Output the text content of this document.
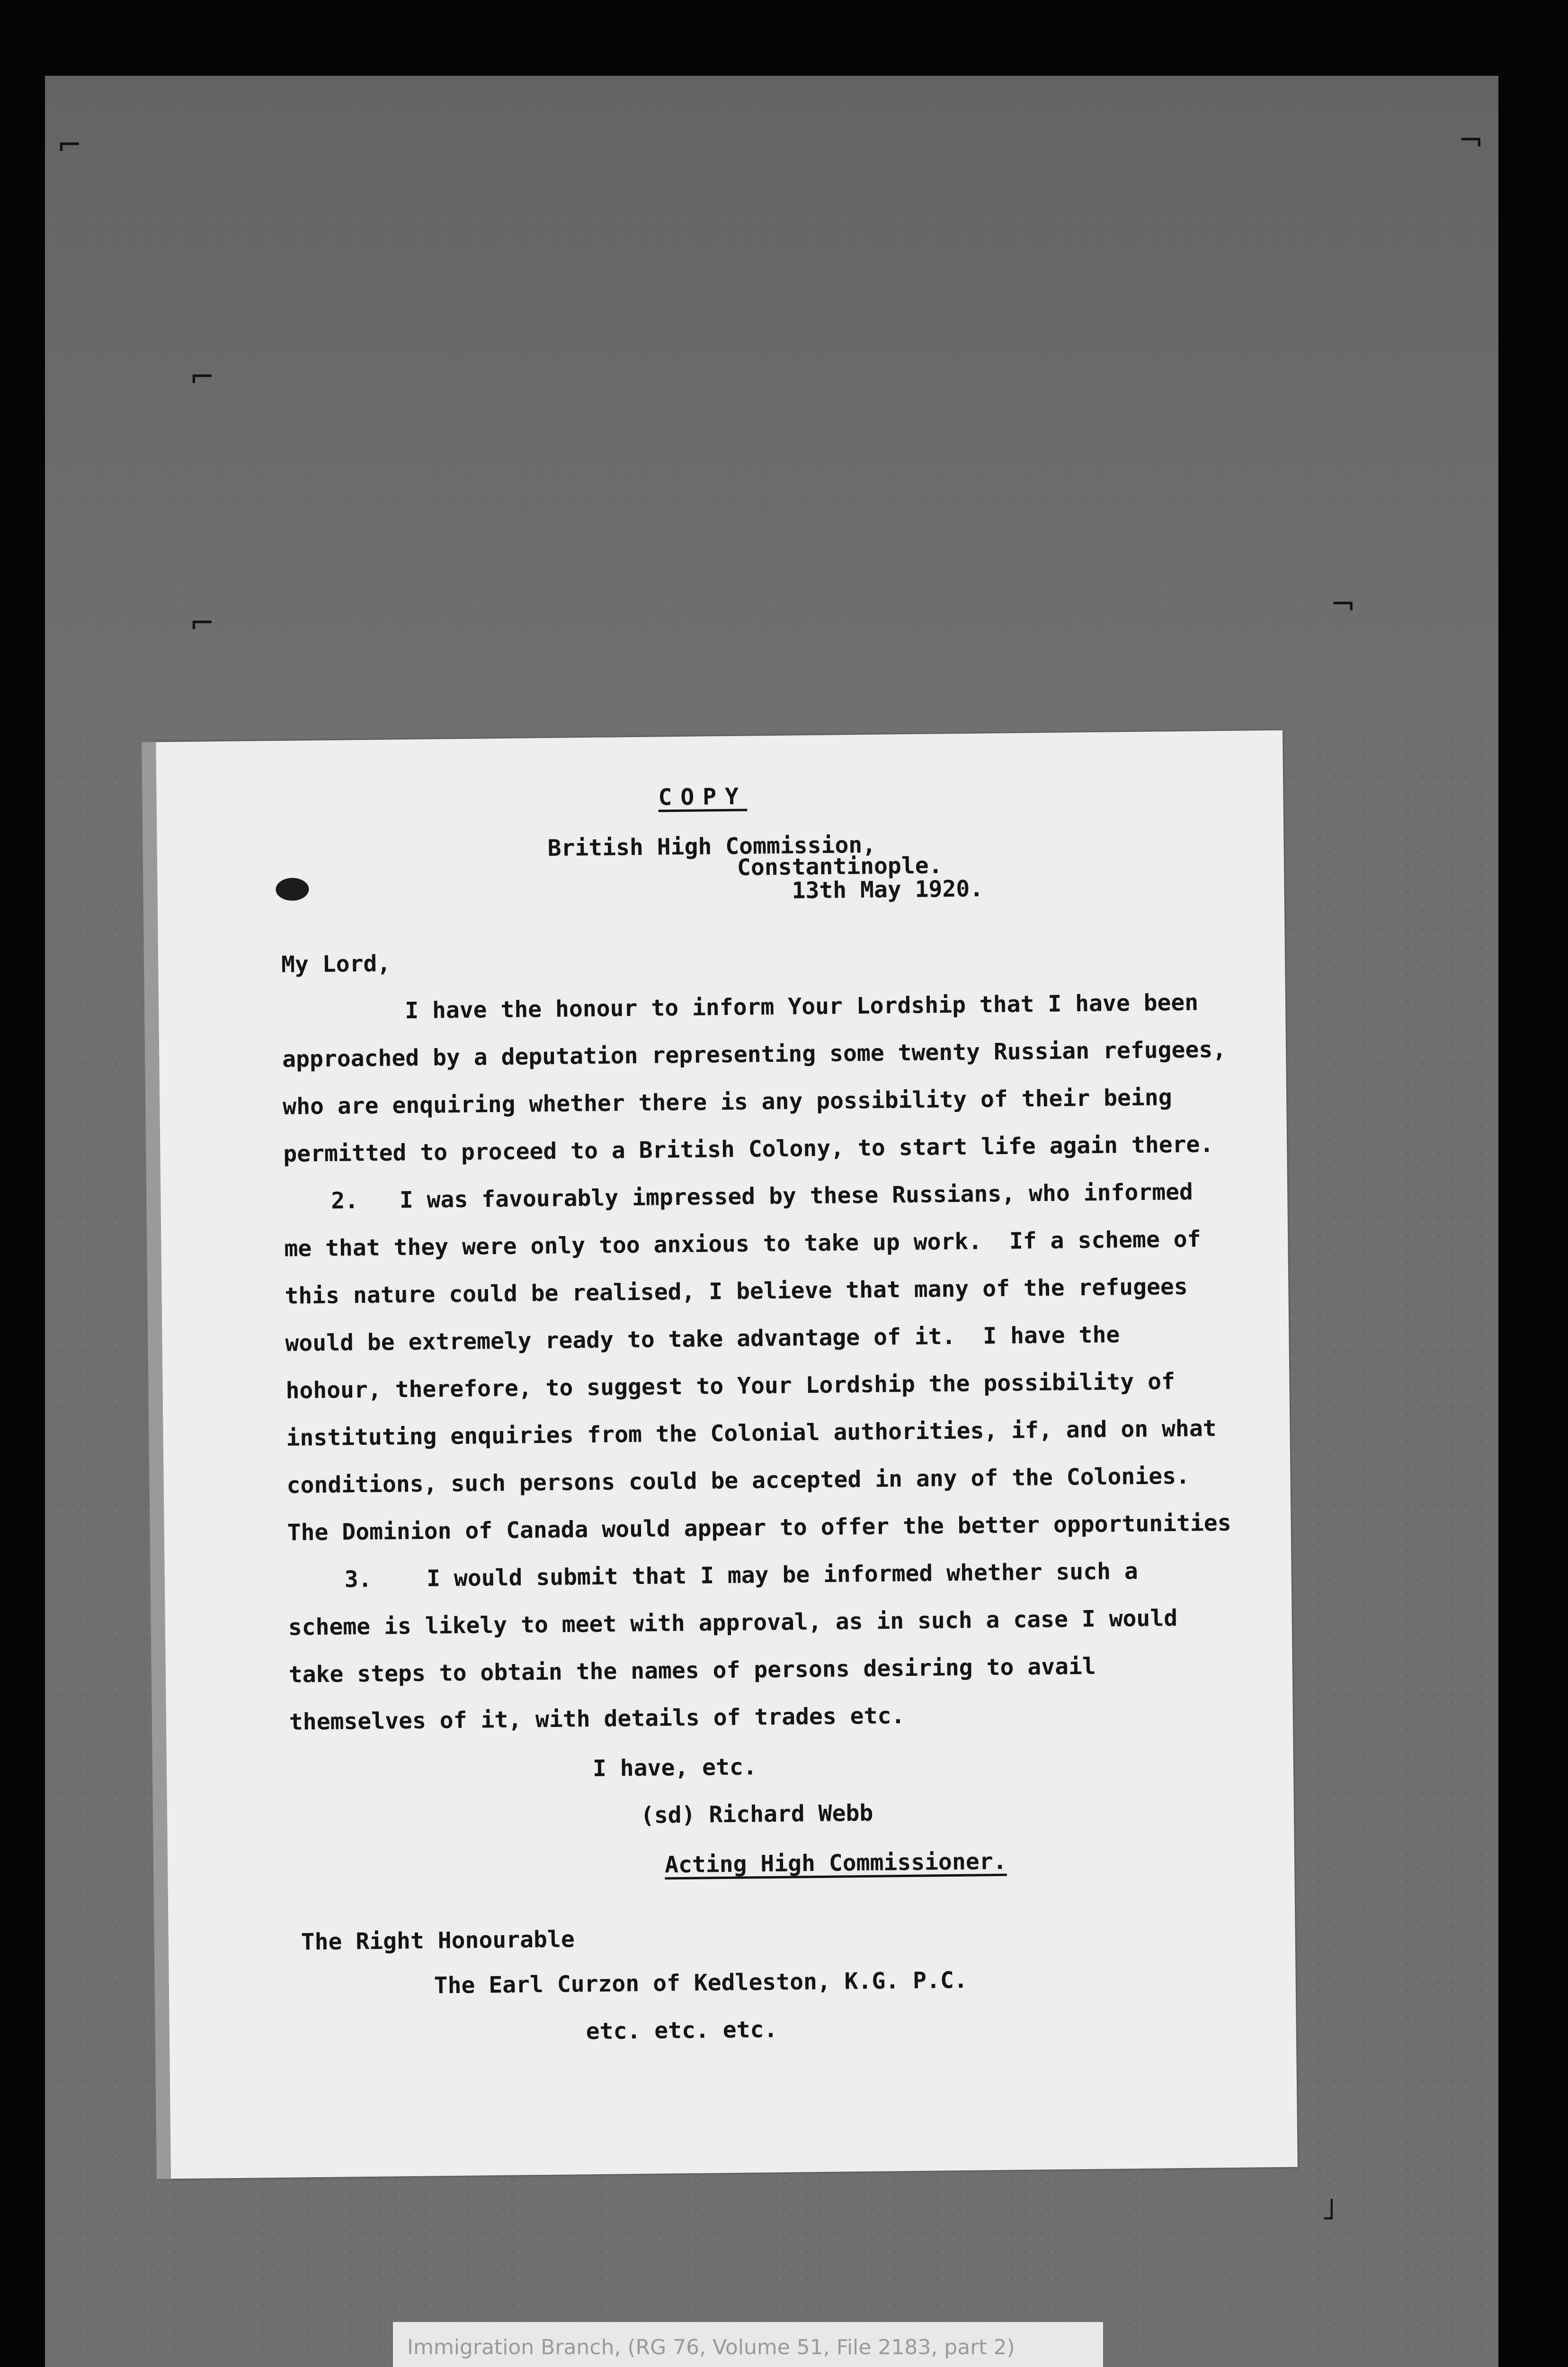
⌐	¬
⌐
¬
⌐
˩
COPY
British High Commission,
Constantinople.
13th May 1920.
My Lord,
I have the honour to inform Your Lordship that I have been
approached by a deputation representing some twenty Russian refugees,
who are enquiring whether there is any possibility of their being
permitted to proceed to a British Colony, to start life again there.
2.   I was favourably impressed by these Russians, who informed
me that they were only too anxious to take up work.  If a scheme of
this nature could be realised, I believe that many of the refugees
would be extremely ready to take advantage of it.  I have the
hohour, therefore, to suggest to Your Lordship the possibility of
instituting enquiries from the Colonial authorities, if, and on what
conditions, such persons could be accepted in any of the Colonies.
The Dominion of Canada would appear to offer the better opportunities
3.    I would submit that I may be informed whether such a
scheme is likely to meet with approval, as in such a case I would
take steps to obtain the names of persons desiring to avail
themselves of it, with details of trades etc.
I have, etc.
(sd) Richard Webb
Acting High Commissioner.
The Right Honourable
The Earl Curzon of Kedleston, K.G. P.C.
etc. etc. etc.
Immigration Branch, (RG 76, Volume 51, File 2183, part 2)
